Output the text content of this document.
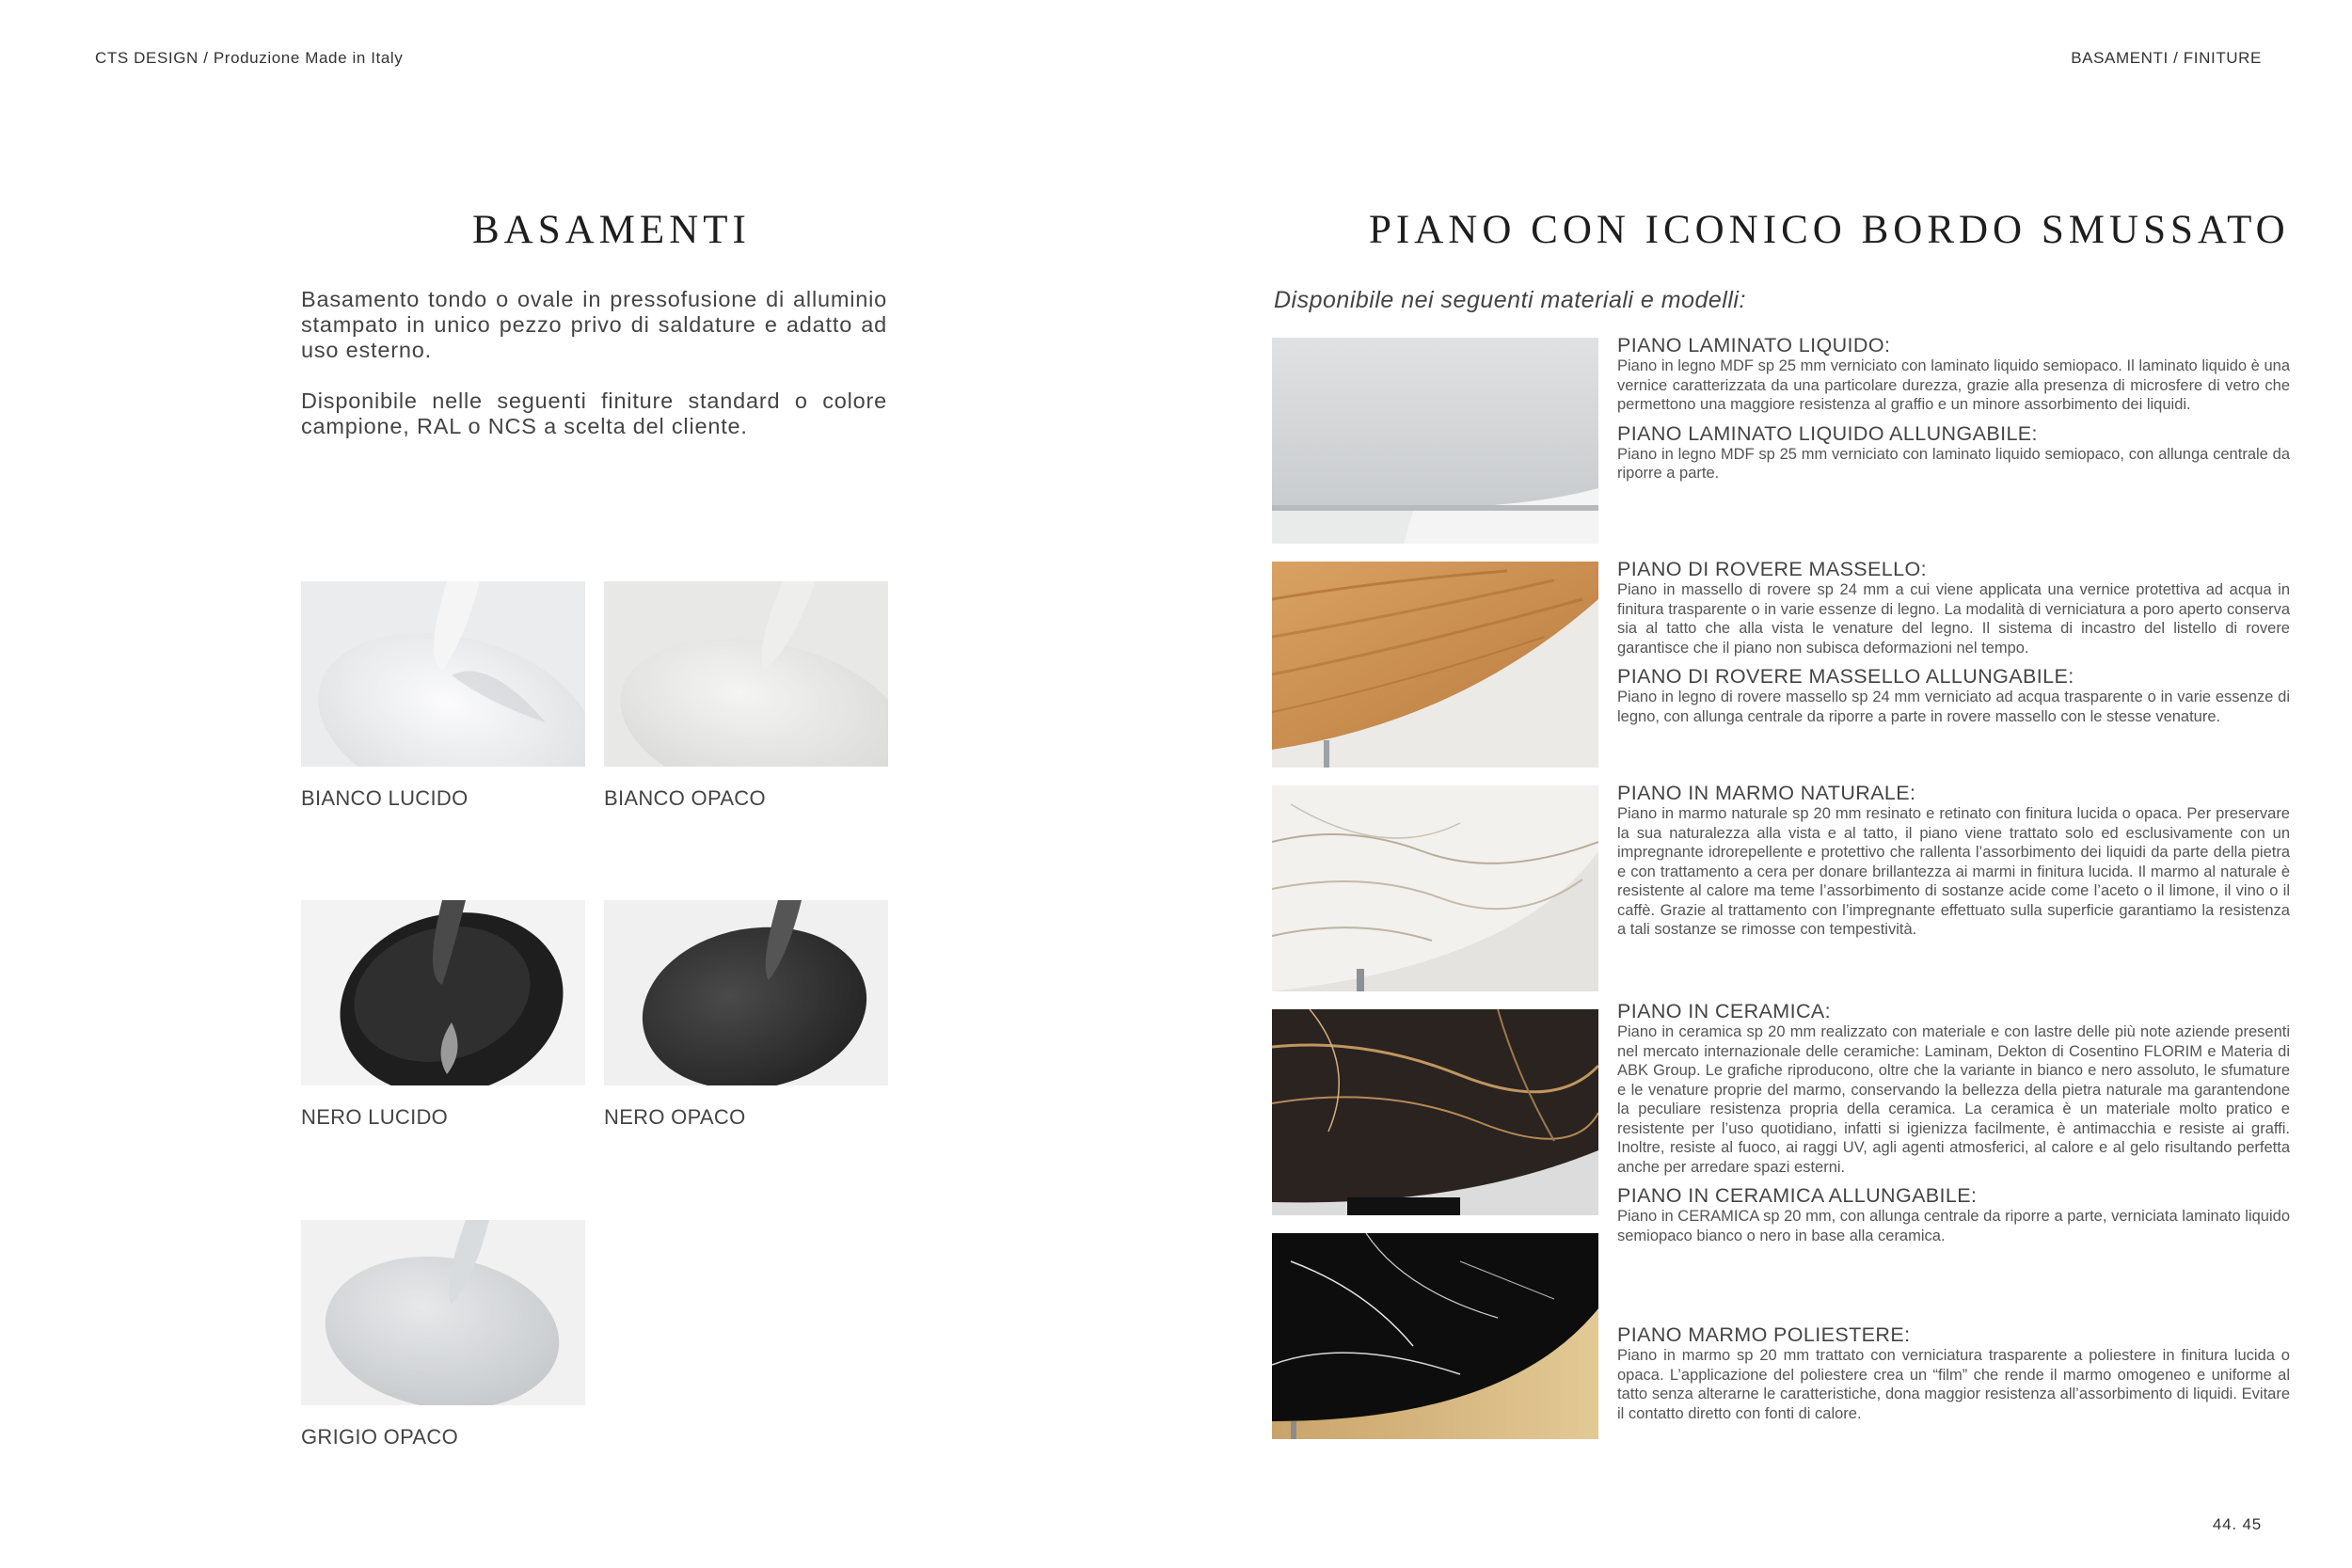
CTS DESIGN / Produzione Made in Italy	BASAMENTI / FINITURE
BASAMENTI

Basamento tondo o ovale in pressofusione di alluminio stampato in unico pezzo privo di saldature e adatto ad uso esterno.

Disponibile nelle seguenti finiture standard o colore campione, RAL o NCS a scelta del cliente.

BIANCO LUCIDO	BIANCO OPACO
NERO LUCIDO	NERO OPACO
GRIGIO OPACO
PIANO CON ICONICO BORDO SMUSSATO
Disponibile nei seguenti materiali e modelli:

PIANO LAMINATO LIQUIDO:

Piano in legno MDF sp 25 mm verniciato con laminato liquido semiopaco. Il laminato liquido è una vernice caratterizzata da una particolare durezza, grazie alla presenza di microsfere di vetro che permettono una maggiore resistenza al graffio e un minore assorbimento dei liquidi.

PIANO LAMINATO LIQUIDO ALLUNGABILE:

Piano in legno MDF sp 25 mm verniciato con laminato liquido semiopaco, con allunga centrale da riporre a parte.

PIANO DI ROVERE MASSELLO:

Piano in massello di rovere sp 24 mm a cui viene applicata una vernice protettiva ad acqua in finitura trasparente o in varie essenze di legno. La modalità di verniciatura a poro aperto conserva sia al tatto che alla vista le venature del legno. Il sistema di incastro del listello di rovere garantisce che il piano non subisca deformazioni nel tempo.

PIANO DI ROVERE MASSELLO ALLUNGABILE:

Piano in legno di rovere massello sp 24 mm verniciato ad acqua trasparente o in varie essenze di legno, con allunga centrale da riporre a parte in rovere massello con le stesse venature.

PIANO IN MARMO NATURALE:

Piano in marmo naturale sp 20 mm resinato e retinato con finitura lucida o opaca. Per preservare la sua naturalezza alla vista e al tatto, il piano viene trattato solo ed esclusivamente con un impregnante idrorepellente e protettivo che rallenta l’assorbimento dei liquidi da parte della pietra e con trattamento a cera per donare brillantezza ai marmi in finitura lucida. Il marmo al naturale è resistente al calore ma teme l’assorbimento di sostanze acide come l’aceto o il limone, il vino o il caffè. Grazie al trattamento con l’impregnante effettuato sulla superficie garantiamo la resistenza a tali sostanze se rimosse con tempestività.

PIANO IN CERAMICA:

Piano in ceramica sp 20 mm realizzato con materiale e con lastre delle più note aziende presenti nel mercato internazionale delle ceramiche: Laminam, Dekton di Cosentino FLORIM e Materia di ABK Group. Le grafiche riproducono, oltre che la variante in bianco e nero assoluto, le sfumature e le venature proprie del marmo, conservando la bellezza della pietra naturale ma garantendone la peculiare resistenza propria della ceramica. La ceramica è un materiale molto pratico e resistente per l’uso quotidiano, infatti si igienizza facilmente, è antimacchia e resiste ai graffi. Inoltre, resiste al fuoco, ai raggi UV, agli agenti atmosferici, al calore e al gelo risultando perfetta anche per arredare spazi esterni.

PIANO IN CERAMICA ALLUNGABILE:

Piano in CERAMICA sp 20 mm, con allunga centrale da riporre a parte, verniciata laminato liquido semiopaco bianco o nero in base alla ceramica.

PIANO MARMO POLIESTERE:

Piano in marmo sp 20 mm trattato con verniciatura trasparente a poliestere in finitura lucida o opaca. L’applicazione del poliestere crea un “film” che rende il marmo omogeneo e uniforme al tatto senza alterarne le caratteristiche, dona maggior resistenza all’assorbimento di liquidi. Evitare il contatto diretto con fonti di calore.

44. 45
